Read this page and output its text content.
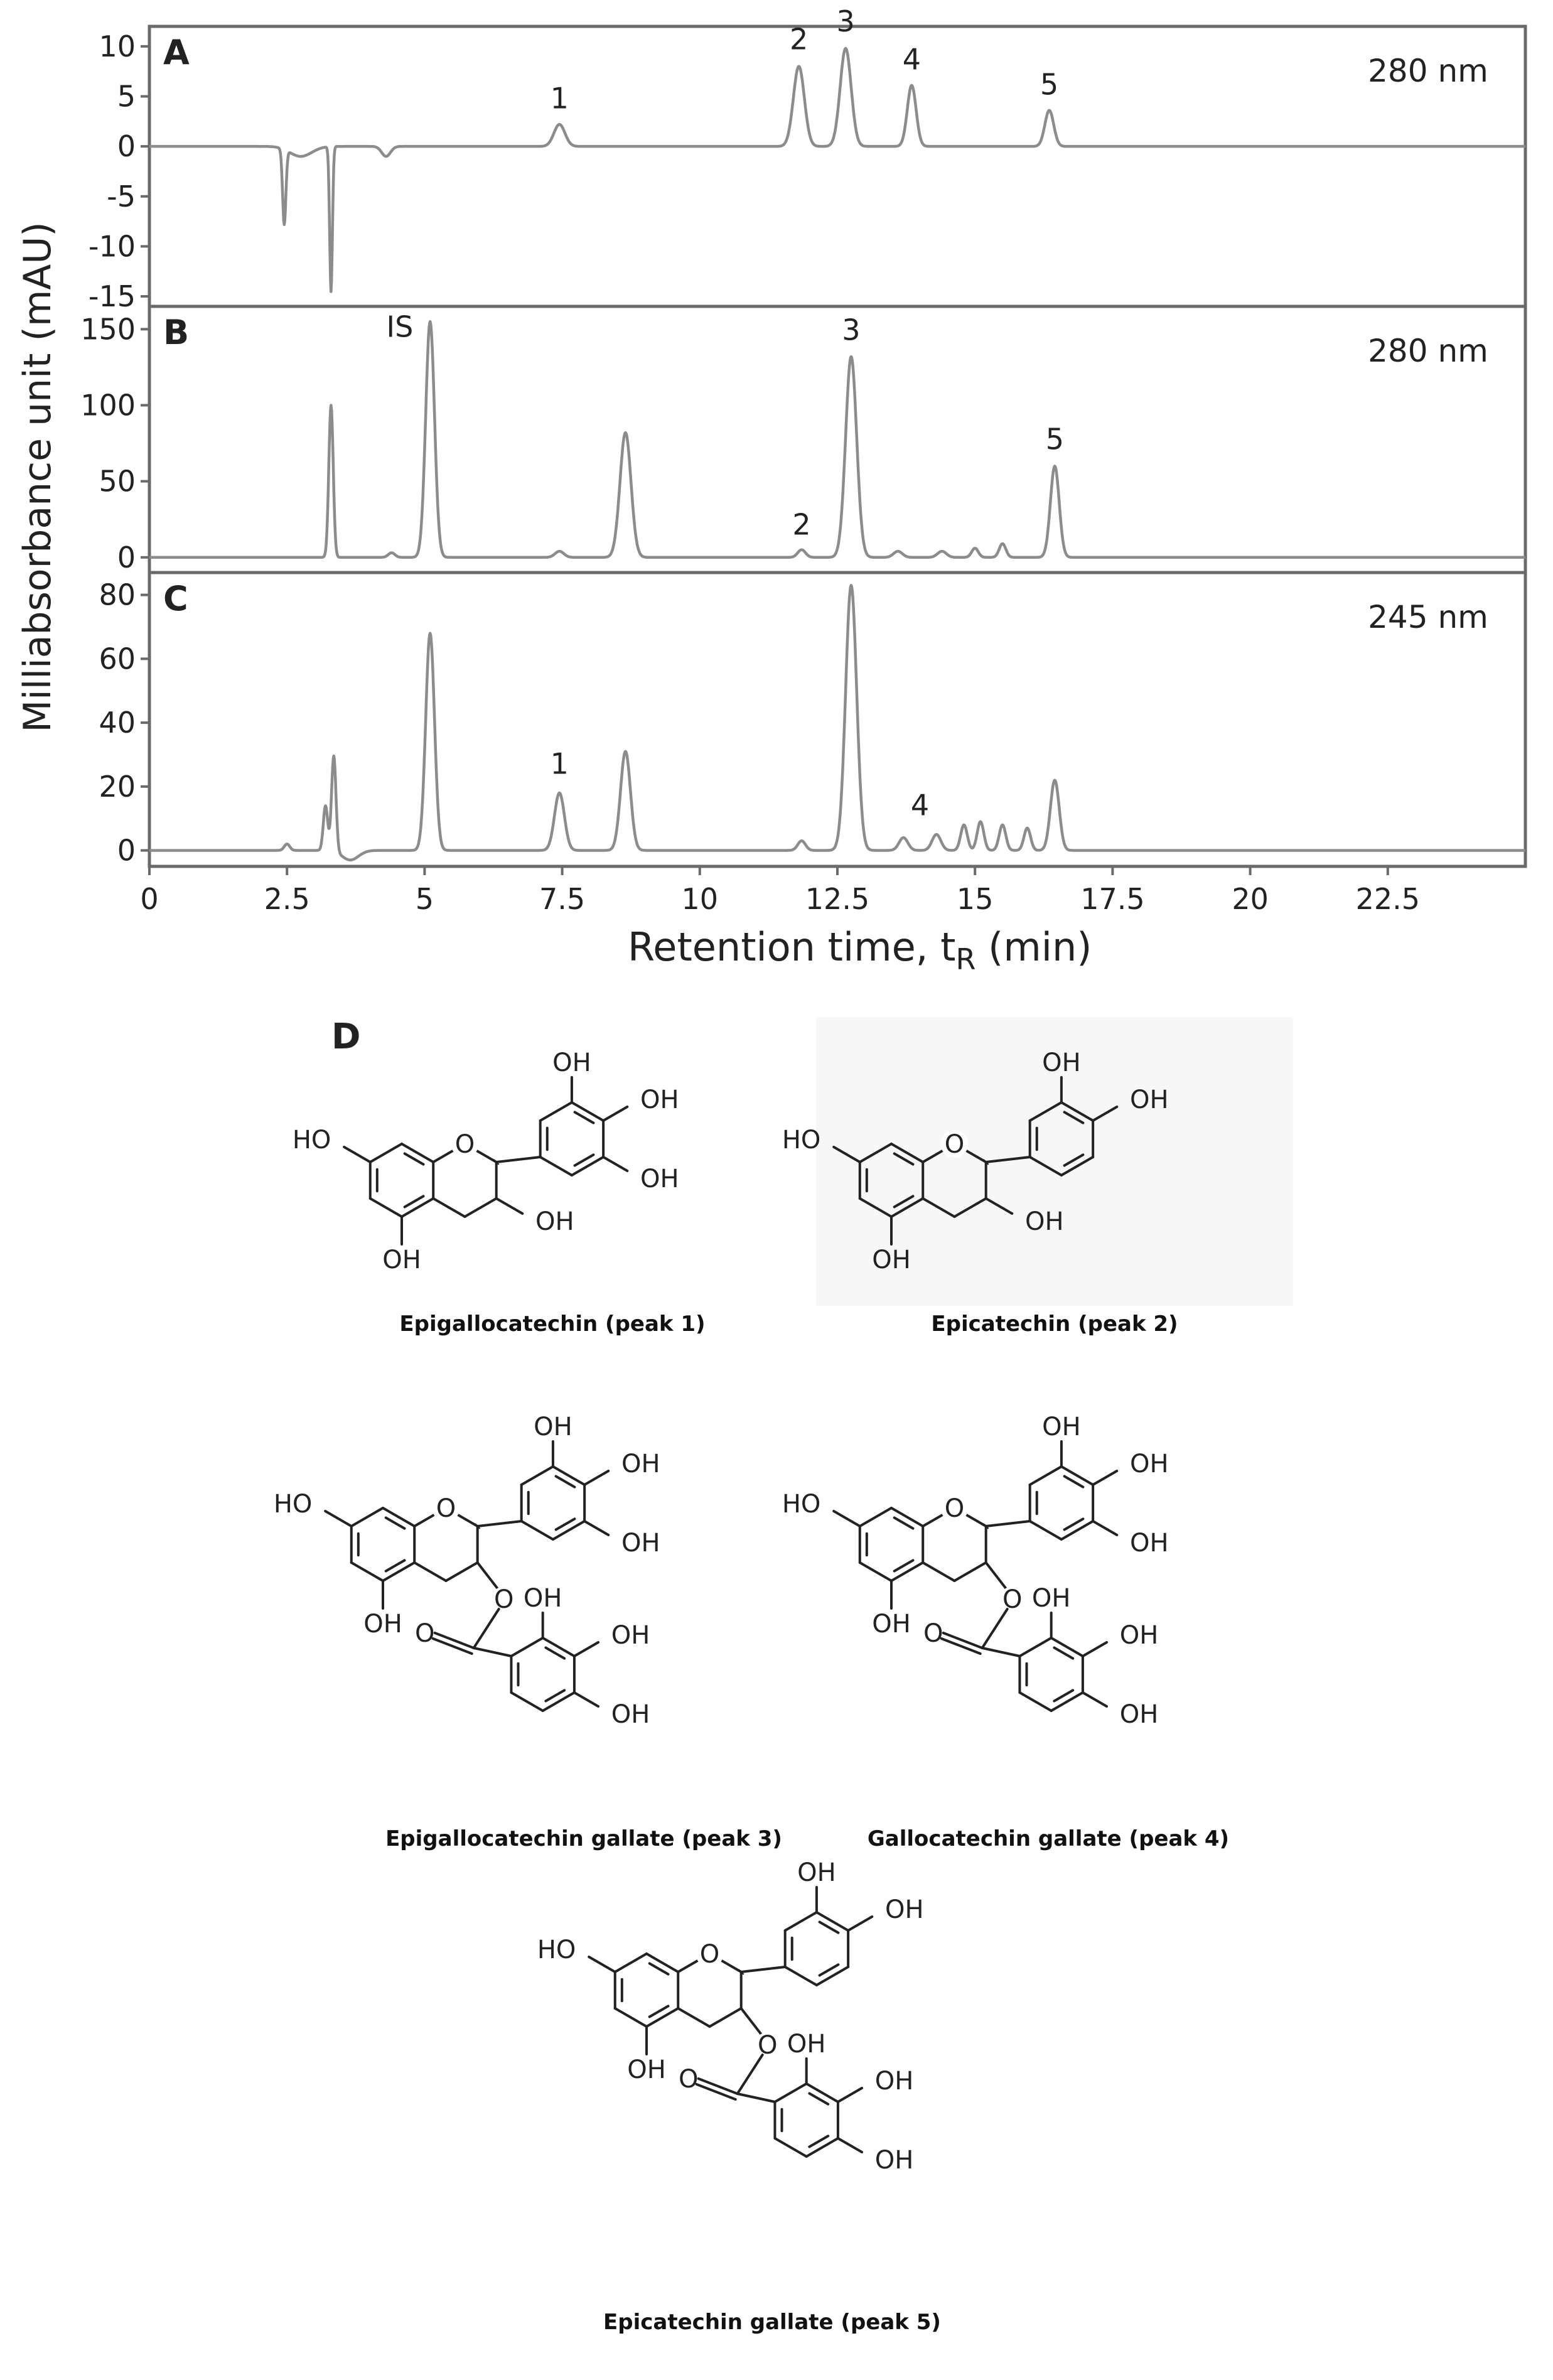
Milliabsorbance unit (mAU)
Retention time, $t_R$ (min)
10
5
0
-5
-10
-15
A	280 nm
1
2
3
4
5
150
100
50
0
B	280 nm
IS
2
3
5
80
60
40
20
0
C	245 nm
1
4
0	2.5	5	7.5	10	12.5	15	17.5	20	22.5
D
O
HO
OH
OH
OH
OH
OH
Epigallocatechin (peak 1)
O
HO
OH
OH
OH
OH
Epicatechin (peak 2)
O
HO
OH
OH
OH
OH
O
O
OH
OH
OH
Epigallocatechin gallate (peak 3)
O
HO
OH
OH
OH
OH
O
O
OH
OH
OH
Gallocatechin gallate (peak 4)
O
HO
OH
OH
OH
O
O
OH
OH
OH
Epicatechin gallate (peak 5)
